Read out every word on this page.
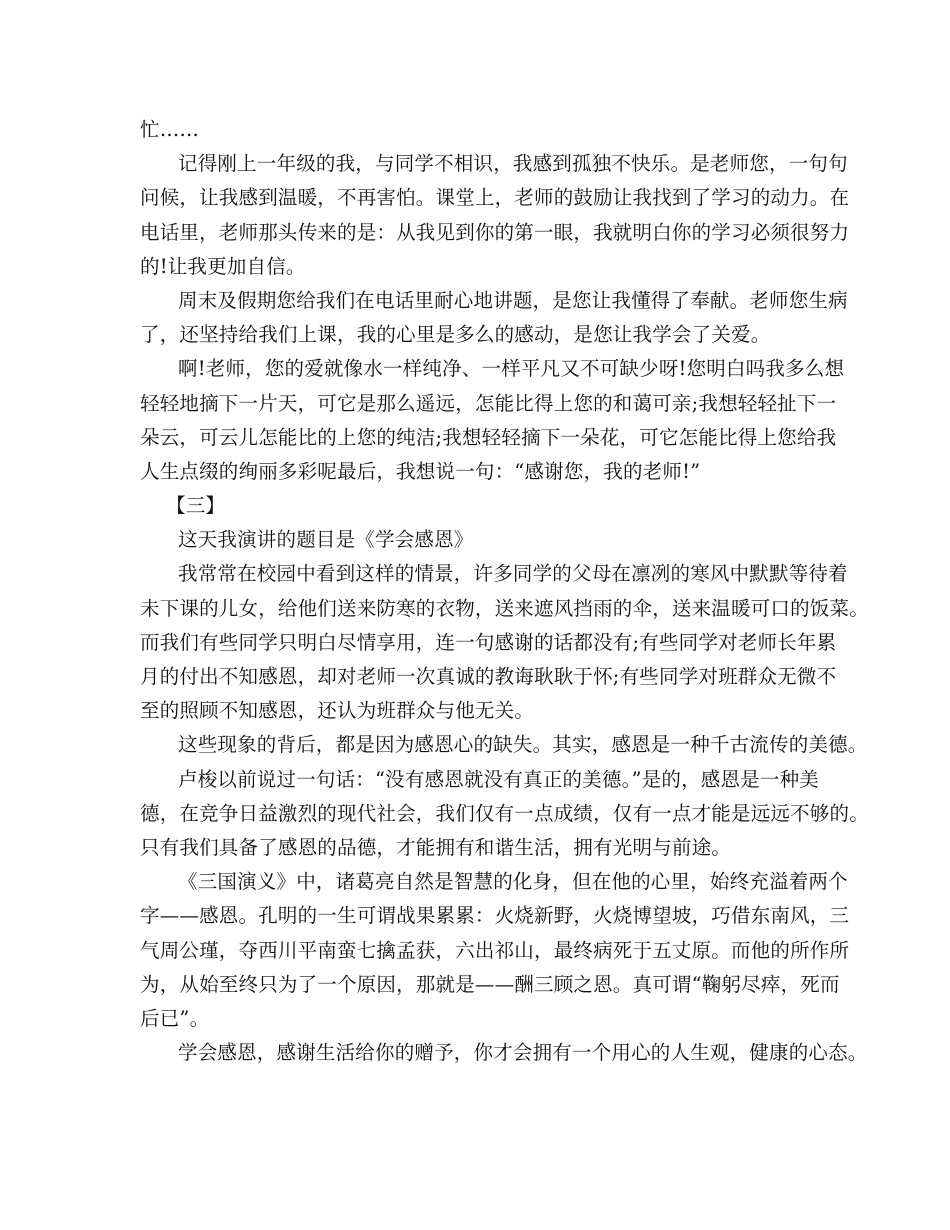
忙……
记得刚上一年级的我，与同学不相识，我感到孤独不快乐。是老师您，一句句
问候，让我感到温暖，不再害怕。课堂上，老师的鼓励让我找到了学习的动力。在
电话里，老师那头传来的是：从我见到你的第一眼，我就明白你的学习必须很努力
的!让我更加自信。
周末及假期您给我们在电话里耐心地讲题，是您让我懂得了奉献。老师您生病
了，还坚持给我们上课，我的心里是多么的感动，是您让我学会了关爱。
啊!老师，您的爱就像水一样纯净、一样平凡又不可缺少呀!您明白吗我多么想
轻轻地摘下一片天，可它是那么遥远，怎能比得上您的和蔼可亲;我想轻轻扯下一
朵云，可云儿怎能比的上您的纯洁;我想轻轻摘下一朵花，可它怎能比得上您给我
人生点缀的绚丽多彩呢最后，我想说一句：“感谢您，我的老师!”
【三】
这天我演讲的题目是《学会感恩》
我常常在校园中看到这样的情景，许多同学的父母在凛冽的寒风中默默等待着
未下课的儿女，给他们送来防寒的衣物，送来遮风挡雨的伞，送来温暖可口的饭菜。
而我们有些同学只明白尽情享用，连一句感谢的话都没有;有些同学对老师长年累
月的付出不知感恩，却对老师一次真诚的教诲耿耿于怀;有些同学对班群众无微不
至的照顾不知感恩，还认为班群众与他无关。
这些现象的背后，都是因为感恩心的缺失。其实，感恩是一种千古流传的美德。
卢梭以前说过一句话：“没有感恩就没有真正的美德。”是的，感恩是一种美
德，在竞争日益激烈的现代社会，我们仅有一点成绩，仅有一点才能是远远不够的。
只有我们具备了感恩的品德，才能拥有和谐生活，拥有光明与前途。
《三国演义》中，诸葛亮自然是智慧的化身，但在他的心里，始终充溢着两个
字——感恩。孔明的一生可谓战果累累：火烧新野，火烧博望坡，巧借东南风，三
气周公瑾，夺西川平南蛮七擒孟获，六出祁山，最终病死于五丈原。而他的所作所
为，从始至终只为了一个原因，那就是——酬三顾之恩。真可谓“鞠躬尽瘁，死而
后已”。
学会感恩，感谢生活给你的赠予，你才会拥有一个用心的人生观，健康的心态。
